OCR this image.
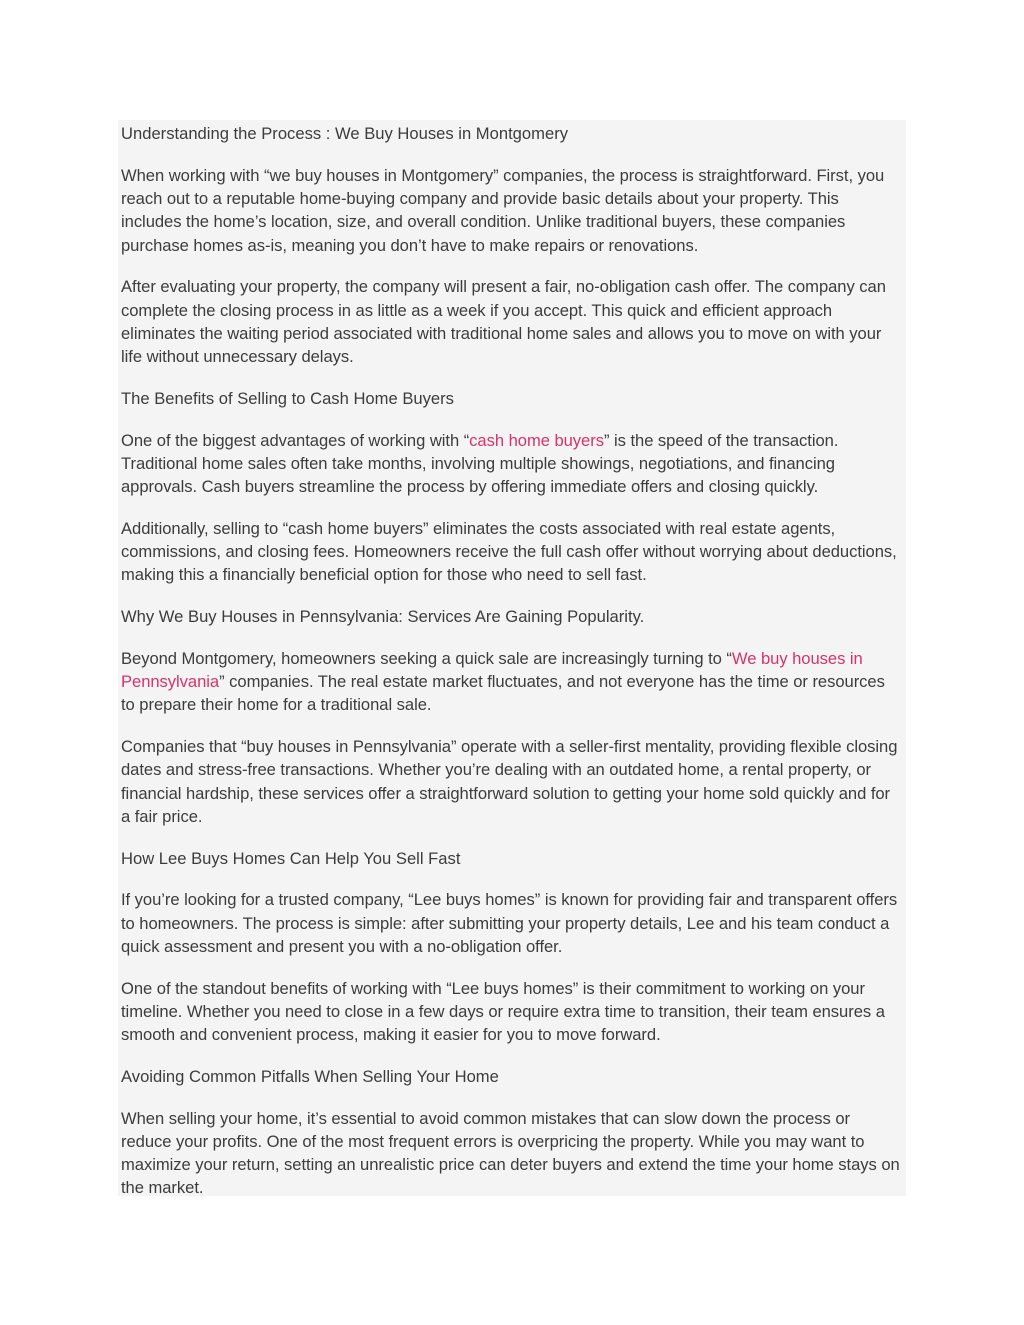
Understanding the Process : We Buy Houses in Montgomery

When working with “we buy houses in Montgomery” companies, the process is straightforward. First, you reach out to a reputable home-buying company and provide basic details about your property. This includes the home’s location, size, and overall condition. Unlike traditional buyers, these companies purchase homes as-is, meaning you don’t have to make repairs or renovations.

After evaluating your property, the company will present a fair, no-obligation cash offer. The company can complete the closing process in as little as a week if you accept. This quick and efficient approach eliminates the waiting period associated with traditional home sales and allows you to move on with your life without unnecessary delays.

The Benefits of Selling to Cash Home Buyers

One of the biggest advantages of working with “cash home buyers” is the speed of the transaction. Traditional home sales often take months, involving multiple showings, negotiations, and financing approvals. Cash buyers streamline the process by offering immediate offers and closing quickly.

Additionally, selling to “cash home buyers” eliminates the costs associated with real estate agents, commissions, and closing fees. Homeowners receive the full cash offer without worrying about deductions, making this a financially beneficial option for those who need to sell fast.

Why We Buy Houses in Pennsylvania: Services Are Gaining Popularity.

Beyond Montgomery, homeowners seeking a quick sale are increasingly turning to “We buy houses in Pennsylvania” companies. The real estate market fluctuates, and not everyone has the time or resources to prepare their home for a traditional sale.

Companies that “buy houses in Pennsylvania” operate with a seller-first mentality, providing flexible closing dates and stress-free transactions. Whether you’re dealing with an outdated home, a rental property, or financial hardship, these services offer a straightforward solution to getting your home sold quickly and for a fair price.

How Lee Buys Homes Can Help You Sell Fast

If you’re looking for a trusted company, “Lee buys homes” is known for providing fair and transparent offers to homeowners. The process is simple: after submitting your property details, Lee and his team conduct a quick assessment and present you with a no-obligation offer.

One of the standout benefits of working with “Lee buys homes” is their commitment to working on your timeline. Whether you need to close in a few days or require extra time to transition, their team ensures a smooth and convenient process, making it easier for you to move forward.

Avoiding Common Pitfalls When Selling Your Home

When selling your home, it’s essential to avoid common mistakes that can slow down the process or reduce your profits. One of the most frequent errors is overpricing the property. While you may want to maximize your return, setting an unrealistic price can deter buyers and extend the time your home stays on the market.
